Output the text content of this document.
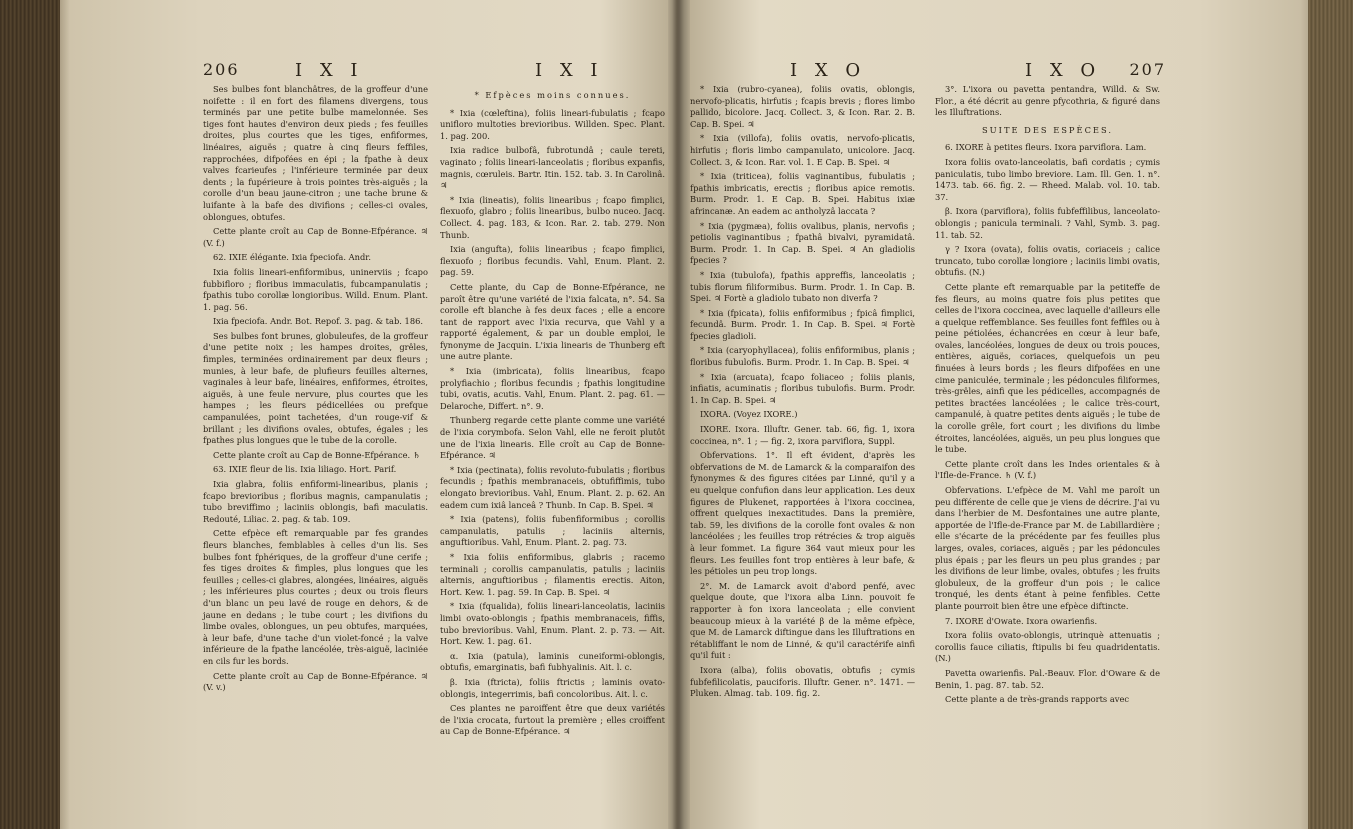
206	I X I	I X I

Ses bulbes font blanchâtres, de la groffeur d'une noifette : il en fort des filamens divergens, tous terminés par une petite bulbe mamelonnée. Ses tiges font hautes d'environ deux pieds ; fes feuilles droites, plus courtes que les tiges, enfiformes, linéaires, aiguës ; quatre à cinq fleurs feffiles, rapprochées, difpofées en épi ; la fpathe à deux valves fcarieufes ; l'inférieure terminée par deux dents ; la fupérieure à trois pointes très-aiguës ; la corolle d'un beau jaune-citron ; une tache brune & luifante à la bafe des divifions ; celles-ci ovales, oblongues, obtufes.

Cette plante croît au Cap de Bonne-Efpérance. ♃ (V. f.)

62. IXIE élégante. Ixia fpeciofa. Andr.

Ixia foliis lineari-enfiformibus, uninerviis ; fcapo fubbifloro ; floribus immaculatis, fubcampanulatis ; fpathis tubo corollæ longioribus. Willd. Enum. Plant. 1. pag. 56.

Ixia fpeciofa. Andr. Bot. Repof. 3. pag. & tab. 186.

Ses bulbes font brunes, globuleufes, de la groffeur d'une petite noix ; les hampes droites, grêles, fimples, terminées ordinairement par deux fleurs ; munies, à leur bafe, de plufieurs feuilles alternes, vaginales à leur bafe, linéaires, enfiformes, étroites, aiguës, à une feule nervure, plus courtes que les hampes ; les fleurs pédicellées ou prefque campanulées, point tachetées, d'un rouge-vif & brillant ; les divifions ovales, obtufes, égales ; les fpathes plus longues que le tube de la corolle.

Cette plante croît au Cap de Bonne-Efpérance. ♄

63. IXIE fleur de lis. Ixia liliago. Hort. Parif.

Ixia glabra, foliis enfiformi-linearibus, planis ; fcapo brevioribus ; floribus magnis, campanulatis ; tubo breviffimo ; laciniis oblongis, bafi maculatis. Redouté, Liliac. 2. pag. & tab. 109.

Cette efpèce eft remarquable par fes grandes fleurs blanches, femblables à celles d'un lis. Ses bulbes font fphériques, de la groffeur d'une cerife ; fes tiges droites & fimples, plus longues que les feuilles ; celles-ci glabres, alongées, linéaires, aiguës ; les inférieures plus courtes ; deux ou trois fleurs d'un blanc un peu lavé de rouge en dehors, & de jaune en dedans ; le tube court ; les divifions du limbe ovales, oblongues, un peu obtufes, marquées, à leur bafe, d'une tache d'un violet-foncé ; la valve inférieure de la fpathe lancéolée, très-aiguë, laciniée en cils fur les bords.

Cette plante croît au Cap de Bonne-Efpérance. ♃ (V. v.)

* Efpèces moins connues.

* Ixia (cœleftina), foliis lineari-fubulatis ; fcapo unifloro multoties brevioribus. Willden. Spec. Plant. 1. pag. 200.

Ixia radice bulbofâ, fubrotundâ ; caule tereti, vaginato ; foliis lineari-lanceolatis ; floribus expanfis, magnis, cœruleis. Bartr. Itin. 152. tab. 3. In Carolinâ. ♃

* Ixia (lineatis), foliis linearibus ; fcapo fimplici, flexuofo, glabro ; foliis linearibus, bulbo nuceo. Jacq. Collect. 4. pag. 183, & Icon. Rar. 2. tab. 279. Non Thunb.

Ixia (angufta), foliis linearibus ; fcapo fimplici, flexuofo ; floribus fecundis. Vahl, Enum. Plant. 2. pag. 59.

Cette plante, du Cap de Bonne-Efpérance, ne paroît être qu'une variété de l'ixia falcata, n°. 54. Sa corolle eft blanche à fes deux faces ; elle a encore tant de rapport avec l'ixia recurva, que Vahl y a rapporté également, & par un double emploi, le fynonyme de Jacquin. L'ixia linearis de Thunberg eft une autre plante.

* Ixia (imbricata), foliis linearibus, fcapo prolyfiachio ; floribus fecundis ; fpathis longitudine tubi, ovatis, acutis. Vahl, Enum. Plant. 2. pag. 61. — Delaroche, Differt. n°. 9.

Thunberg regarde cette plante comme une variété de l'ixia corymbofa. Selon Vahl, elle ne feroit plutôt une de l'ixia linearis. Elle croît au Cap de Bonne-Efpérance. ♃

* Ixia (pectinata), foliis revoluto-fubulatis ; floribus fecundis ; fpathis membranaceis, obtufiffimis, tubo elongato brevioribus. Vahl, Enum. Plant. 2. p. 62. An eadem cum ixiâ lanceâ ? Thunb. In Cap. B. Spei. ♃

* Ixia (patens), foliis fubenfiformibus ; corollis campanulatis, patulis ; laciniis alternis, anguftioribus. Vahl, Enum. Plant. 2. pag. 73.

* Ixia foliis enfiformibus, glabris ; racemo terminali ; corollis campanulatis, patulis ; laciniis alternis, anguftioribus ; filamentis erectis. Aiton, Hort. Kew. 1. pag. 59. In Cap. B. Spei. ♃

* Ixia (fqualida), foliis lineari-lanceolatis, laciniis limbi ovato-oblongis ; fpathis membranaceis, fiffis, tubo brevioribus. Vahl, Enum. Plant. 2. p. 73. — Ait. Hort. Kew. 1. pag. 61.

α. Ixia (patula), laminis cuneiformi-oblongis, obtufis, emarginatis, bafi fubhyalinis. Ait. l. c.

β. Ixia (ftricta), foliis ftrictis ; laminis ovato-oblongis, integerrimis, bafi concoloribus. Ait. l. c.

Ces plantes ne paroiffent être que deux variétés de l'ixia crocata, furtout la première ; elles croiffent au Cap de Bonne-Efpérance. ♃

I X O	I X O 207

* Ixia (rubro-cyanea), foliis ovatis, oblongis, nervofo-plicatis, hirfutis ; fcapis brevis ; flores limbo pallido, bicolore. Jacq. Collect. 3, & Icon. Rar. 2. B. Cap. B. Spei. ♃

* Ixia (villofa), foliis ovatis, nervofo-plicatis, hirfutis ; floris limbo campanulato, unicolore. Jacq. Collect. 3, & Icon. Rar. vol. 1. E Cap. B. Spei. ♃

* Ixia (triticea), foliis vaginantibus, fubulatis ; fpathis imbricatis, erectis ; floribus apice remotis. Burm. Prodr. 1. E Cap. B. Spei. Habitus ixiæ afrincanæ. An eadem ac antholyzâ laccata ?

* Ixia (pygmæa), foliis ovalibus, planis, nervofis ; petiolis vaginantibus ; fpathâ bivalvi, pyramidatâ. Burm. Prodr. 1. In Cap. B. Spei. ♃ An gladiolis fpecies ?

* Ixia (tubulofa), fpathis appreffis, lanceolatis ; tubis florum filiformibus. Burm. Prodr. 1. In Cap. B. Spei. ♃ Fortè a gladiolo tubato non diverfa ?

* Ixia (fpicata), foliis enfiformibus ; fpicâ fimplici, fecundâ. Burm. Prodr. 1. In Cap. B. Spei. ♃ Fortè fpecies gladioli.

* Ixia (caryophyllacea), foliis enfiformibus, planis ; floribus fubulofis. Burm. Prodr. 1. In Cap. B. Spei. ♃

* Ixia (arcuata), fcapo foliaceo ; foliis planis, infiatis, acuminatis ; floribus tubulofis. Burm. Prodr. 1. In Cap. B. Spei. ♃

IXORA. (Voyez IXORE.)

IXORE. Ixora. Illuftr. Gener. tab. 66, fig. 1, ixora coccinea, n°. 1 ; — fig. 2, ixora parviflora, Suppl.

Obfervations. 1°. Il eft évident, d'après les obfervations de M. de Lamarck & la comparaifon des fynonymes & des figures citées par Linné, qu'il y a eu quelque confufion dans leur application. Les deux figures de Plukenet, rapportées à l'ixora coccinea, offrent quelques inexactitudes. Dans la première, tab. 59, les divifions de la corolle font ovales & non lancéolées ; les feuilles trop rétrécies & trop aiguës à leur fommet. La figure 364 vaut mieux pour les fleurs. Les feuilles font trop entières à leur bafe, & les pétioles un peu trop longs.

2°. M. de Lamarck avoit d'abord penfé, avec quelque doute, que l'ixora alba Linn. pouvoit fe rapporter à fon ixora lanceolata ; elle convient beaucoup mieux à la variété β de la même efpèce, que M. de Lamarck diftingue dans les Illuftrations en rétabliffant le nom de Linné, & qu'il caractérife ainfi qu'il fuit :

Ixora (alba), foliis obovatis, obtufis ; cymis fubfefilicolatis, pauciforis. Illuftr. Gener. n°. 1471. — Pluken. Almag. tab. 109. fig. 2.

3°. L'ixora ou pavetta pentandra, Willd. & Sw. Flor., a été décrit au genre pfycothria, & figuré dans les Illuftrations.

SUITE DES ESPÈCES.

6. IXORE à petites fleurs. Ixora parviflora. Lam.

Ixora foliis ovato-lanceolatis, bafi cordatis ; cymis paniculatis, tubo limbo breviore. Lam. Ill. Gen. 1. n°. 1473. tab. 66. fig. 2. — Rheed. Malab. vol. 10. tab. 37.

β. Ixora (parviflora), foliis fubfeffilibus, lanceolato-oblongis ; panicula terminali. ? Vahl, Symb. 3. pag. 11. tab. 52.

γ ? Ixora (ovata), foliis ovatis, coriaceis ; calice truncato, tubo corollæ longiore ; laciniis limbi ovatis, obtufis. (N.)

Cette plante eft remarquable par la petiteffe de fes fleurs, au moins quatre fois plus petites que celles de l'ixora coccinea, avec laquelle d'ailleurs elle a quelque reffemblance. Ses feuilles font feffiles ou à peine pétiolées, échancrées en cœur à leur bafe, ovales, lancéolées, longues de deux ou trois pouces, entières, aiguës, coriaces, quelquefois un peu finuées à leurs bords ; les fleurs difpofées en une cime paniculée, terminale ; les pédoncules filiformes, très-grêles, ainfi que les pédicelles, accompagnés de petites bractées lancéolées ; le calice très-court, campanulé, à quatre petites dents aiguës ; le tube de la corolle grêle, fort court ; les divifions du limbe étroites, lancéolées, aiguës, un peu plus longues que le tube.

Cette plante croît dans les Indes orientales & à l'Ifle-de-France. ♄ (V. f.)

Obfervations. L'efpèce de M. Vahl me paroît un peu différente de celle que je viens de décrire. J'ai vu dans l'herbier de M. Desfontaines une autre plante, apportée de l'Ifle-de-France par M. de Labillardière ; elle s'écarte de la précédente par fes feuilles plus larges, ovales, coriaces, aiguës ; par les pédoncules plus épais ; par les fleurs un peu plus grandes ; par les divifions de leur limbe, ovales, obtufes ; les fruits globuleux, de la groffeur d'un pois ; le calice tronqué, les dents étant à peine fenfibles. Cette plante pourroit bien être une efpèce diftincte.

7. IXORE d'Owate. Ixora owarienfis.

Ixora foliis ovato-oblongis, utrinquè attenuatis ; corollis fauce ciliatis, ftipulis bi feu quadridentatis. (N.)

Pavetta owarienfis. Pal.-Beauv. Flor. d'Oware & de Benin, 1. pag. 87. tab. 52.

Cette plante a de très-grands rapports avec
